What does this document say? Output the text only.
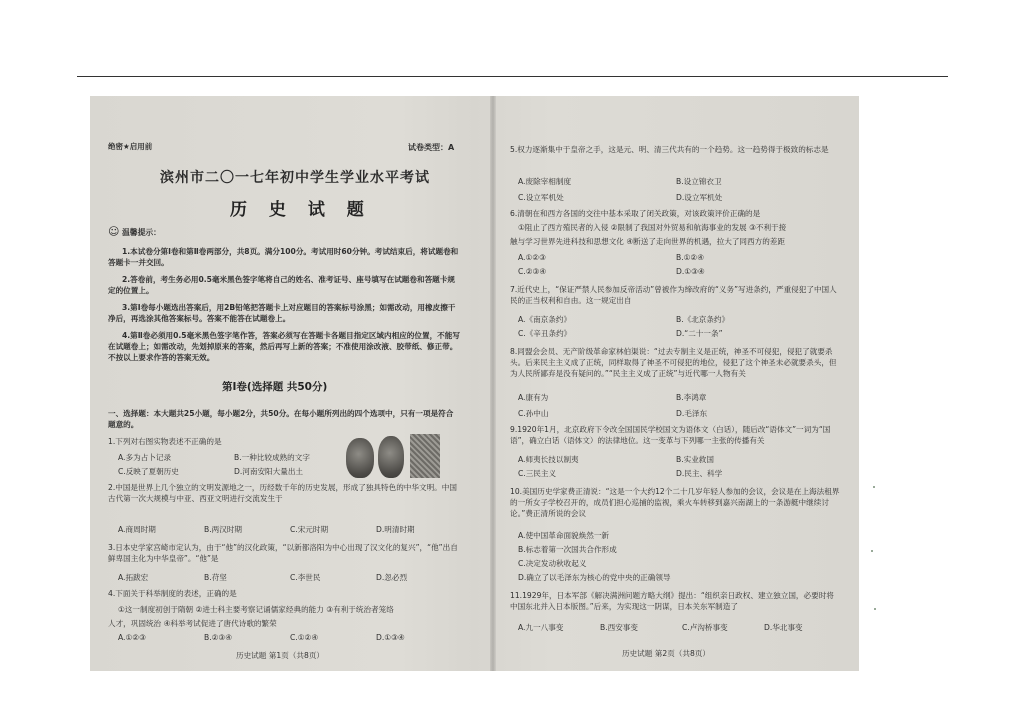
绝密★启用前	试卷类型：A
滨州市二〇一七年初中学生学业水平考试
历 史 试 题
☺ 温馨提示：
1.本试卷分第Ⅰ卷和第Ⅱ卷两部分，共8页。满分100分。考试用时60分钟。考试结束后，将试题卷和答题卡一并交回。
2.答卷前，考生务必用0.5毫米黑色签字笔将自己的姓名、准考证号、座号填写在试题卷和答题卡规定的位置上。
3.第Ⅰ卷每小题选出答案后，用2B铅笔把答题卡上对应题目的答案标号涂黑；如需改动，用橡皮擦干净后，再选涂其他答案标号。答案不能答在试题卷上。
4.第Ⅱ卷必须用0.5毫米黑色签字笔作答，答案必须写在答题卡各题目指定区域内相应的位置，不能写在试题卷上；如需改动，先划掉原来的答案，然后再写上新的答案；不准使用涂改液、胶带纸、修正带。不按以上要求作答的答案无效。
第Ⅰ卷(选择题 共50分)
一、选择题：本大题共25小题，每小题2分，共50分。在每小题所列出的四个选项中，只有一项是符合题意的。
1.下列对右图实物表述不正确的是
A.多为占卜记录	B.一种比较成熟的文字
C.反映了夏朝历史	D.河南安阳大量出土
2.中国是世界上几个独立的文明发源地之一，历经数千年的历史发展，形成了独具特色的中华文明。中国古代第一次大规模与中亚、西亚文明进行交流发生于
A.商周时期	B.两汉时期	C.宋元时期	D.明清时期
3.日本史学家宫崎市定认为，由于“他”的汉化政策，“以新都洛阳为中心出现了汉文化的复兴”，“他”出自鲜卑国主化为中华皇帝”。“他”是
A.拓跋宏	B.苻坚	C.李世民	D.忽必烈
4.下面关于科举制度的表述，正确的是
①这一制度初创于隋朝 ②进士科主要考察记诵儒家经典的能力 ③有利于统治者笼络
人才，巩固统治 ④科举考试促进了唐代诗歌的繁荣
A.①②③	B.②③④	C.①②④	D.①③④
历史试题 第1页（共8页）
5.权力逐渐集中于皇帝之手，这是元、明、清三代共有的一个趋势。这一趋势得于极致的标志是
A.废除宰相制度	B.设立锦衣卫
C.设立军机处	D.设立军机处
6.清朝在和西方各国的交往中基本采取了闭关政策，对该政策评价正确的是
①阻止了西方殖民者的入侵 ②限制了我国对外贸易和航海事业的发展 ③不利于接
触与学习世界先进科技和思想文化 ④断送了走向世界的机遇，拉大了同西方的差距
A.①②③	B.①②④
C.②③④	D.①③④
7.近代史上，“保证严禁人民参加反帝活动”曾被作为缔改府的“义务”写进条约，严重侵犯了中国人民的正当权利和自由。这一规定出自
A.《南京条约》	B.《北京条约》
C.《辛丑条约》	D.“二十一条”
8.同盟会会员、无产阶级革命家林伯渠说：“过去专制主义是正统，神圣不可侵犯，侵犯了就要杀头。后来民主主义成了正统，同样取得了神圣不可侵犯的地位，侵犯了这个神圣未必就要杀头，但为人民所鄙弃是没有疑问的。”“民主主义成了正统”与近代哪一人物有关
A.康有为	B.李鸿章
C.孙中山	D.毛泽东
9.1920年1月，北京政府下令改全国国民学校国文为语体文（白话），随后改“语体文”一词为“国语”，确立白话（语体文）的法律地位。这一变革与下列哪一主张的传播有关
A.师夷长技以制夷	B.实业救国
C.三民主义	D.民主、科学
10.美国历史学家费正清说：“这是一个大约12个二十几岁年轻人参加的会议，会议是在上海法租界的一所女子学校召开的，成员们担心巡捕的监视，乘火车转移到嘉兴南湖上的一条游艇中继续讨论。”费正清所说的会议
A.使中国革命面貌焕然一新
B.标志着第一次国共合作形成
C.决定发动秋收起义
D.确立了以毛泽东为核心的党中央的正确领导
11.1929年，日本军部《解决满洲问题方略大纲》提出：“组织亲日政权、建立独立国，必要时将中国东北并入日本版图。”后来，为实现这一阴谋，日本关东军制造了
A.九一八事变	B.西安事变	C.卢沟桥事变	D.华北事变
历史试题 第2页（共8页）
